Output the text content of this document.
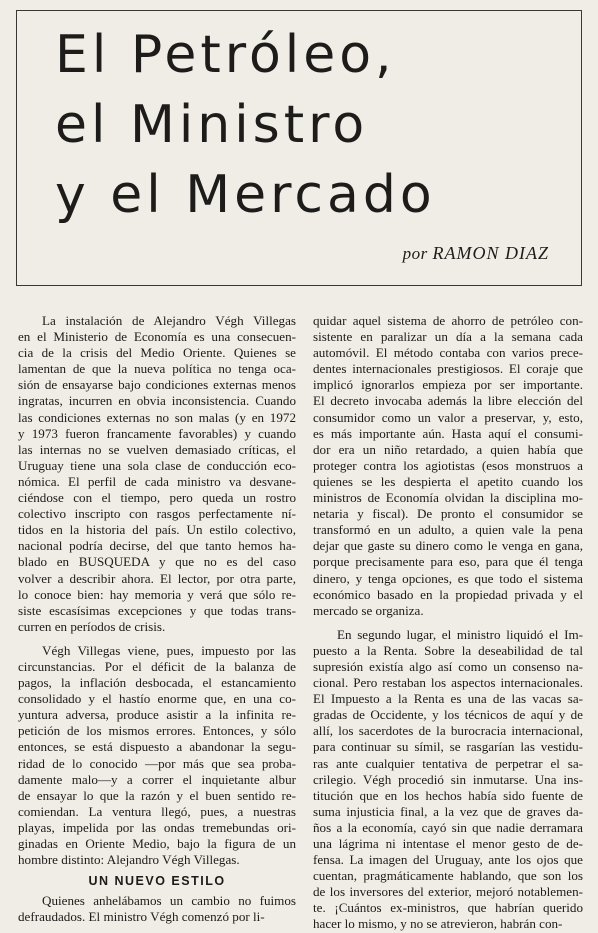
El Petróleo,
el Ministro
y el Mercado
por RAMON DIAZ
La instalación de Alejandro Végh Villegas
en el Ministerio de Economía es una consecuen-
cia de la crisis del Medio Oriente. Quienes se
lamentan de que la nueva política no tenga oca-
sión de ensayarse bajo condiciones externas menos
ingratas, incurren en obvia inconsistencia. Cuando
las condiciones externas no son malas (y en 1972
y 1973 fueron francamente favorables) y cuando
las internas no se vuelven demasiado críticas, el
Uruguay tiene una sola clase de conducción eco-
nómica. El perfil de cada ministro va desvane-
ciéndose con el tiempo, pero queda un rostro
colectivo inscripto con rasgos perfectamente ní-
tidos en la historia del país. Un estilo colectivo,
nacional podría decirse, del que tanto hemos ha-
blado en BUSQUEDA y que no es del caso
volver a describir ahora. El lector, por otra parte,
lo conoce bien: hay memoria y verá que sólo re-
siste escasísimas excepciones y que todas trans-
curren en períodos de crisis.
Végh Villegas viene, pues, impuesto por las
circunstancias. Por el déficit de la balanza de
pagos, la inflación desbocada, el estancamiento
consolidado y el hastío enorme que, en una co-
yuntura adversa, produce asistir a la infinita re-
petición de los mismos errores. Entonces, y sólo
entonces, se está dispuesto a abandonar la segu-
ridad de lo conocido —por más que sea proba-
damente malo—y a correr el inquietante albur
de ensayar lo que la razón y el buen sentido re-
comiendan. La ventura llegó, pues, a nuestras
playas, impelida por las ondas tremebundas ori-
ginadas en Oriente Medio, bajo la figura de un
hombre distinto: Alejandro Végh Villegas.
UN NUEVO ESTILO
Quienes anhelábamos un cambio no fuimos
defraudados. El ministro Végh comenzó por li-
quidar aquel sistema de ahorro de petróleo con-
sistente en paralizar un día a la semana cada
automóvil. El método contaba con varios prece-
dentes internacionales prestigiosos. El coraje que
implicó ignorarlos empieza por ser importante.
El decreto invocaba además la libre elección del
consumidor como un valor a preservar, y, esto,
es más importante aún. Hasta aquí el consumi-
dor era un niño retardado, a quien había que
proteger contra los agiotistas (esos monstruos a
quienes se les despierta el apetito cuando los
ministros de Economía olvidan la disciplina mo-
netaria y fiscal). De pronto el consumidor se
transformó en un adulto, a quien vale la pena
dejar que gaste su dinero como le venga en gana,
porque precisamente para eso, para que él tenga
dinero, y tenga opciones, es que todo el sistema
económico basado en la propiedad privada y el
mercado se organiza.
En segundo lugar, el ministro liquidó el Im-
puesto a la Renta. Sobre la deseabilidad de tal
supresión existía algo así como un consenso na-
cional. Pero restaban los aspectos internacionales.
El Impuesto a la Renta es una de las vacas sa-
gradas de Occidente, y los técnicos de aquí y de
allí, los sacerdotes de la burocracia internacional,
para continuar su símil, se rasgarían las vestidu-
ras ante cualquier tentativa de perpetrar el sa-
crilegio. Végh procedió sin inmutarse. Una ins-
titución que en los hechos había sido fuente de
suma injusticia final, a la vez que de graves da-
ños a la economía, cayó sin que nadie derramara
una lágrima ni intentase el menor gesto de de-
fensa. La imagen del Uruguay, ante los ojos que
cuentan, pragmáticamente hablando, que son los
de los inversores del exterior, mejoró notablemen-
te. ¡Cuántos ex-ministros, que habrían querido
hacer lo mismo, y no se atrevieron, habrán con-
